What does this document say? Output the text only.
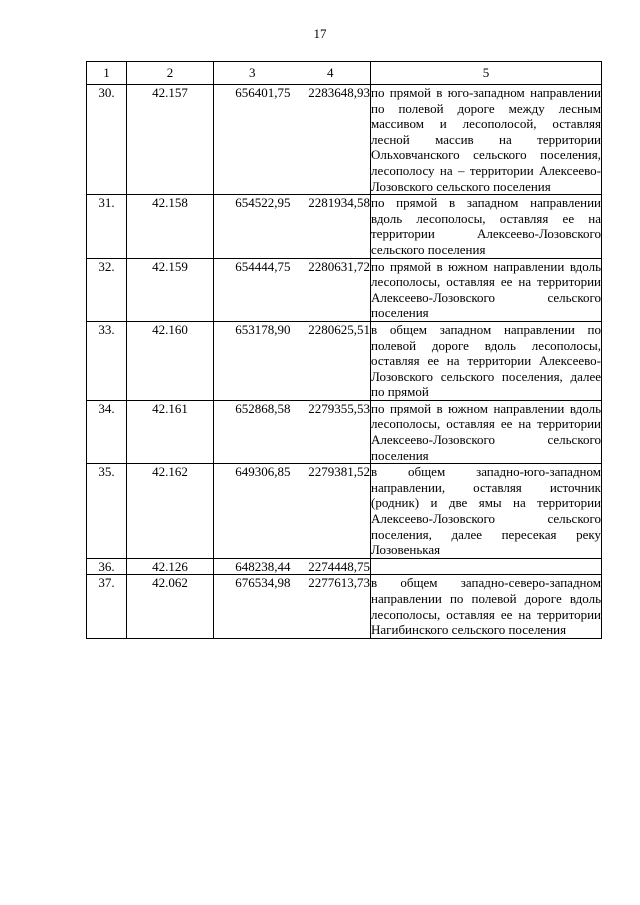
17
1	2	3	4	5
30.	42.157	656401,75	2283648,93	по прямой в юго-западном направлении по полевой дороге между лесным массивом и лесополосой, оставляя лесной массив на территории Ольховчанского сельского поселения, лесополосу на – территории Алексеево-Лозовского сельского поселения
31.	42.158	654522,95	2281934,58	по прямой в западном направлении вдоль лесополосы, оставляя ее на территории Алексеево-Лозовского сельского поселения
32.	42.159	654444,75	2280631,72	по прямой в южном направлении вдоль лесополосы, оставляя ее на территории Алексеево-Лозовского сельского поселения
33.	42.160	653178,90	2280625,51	в общем западном направлении по полевой дороге вдоль лесополосы, оставляя ее на территории Алексеево-Лозовского сельского поселения, далее по прямой
34.	42.161	652868,58	2279355,53	по прямой в южном направлении вдоль лесополосы, оставляя ее на территории Алексеево-Лозовского сельского поселения
35.	42.162	649306,85	2279381,52	в общем западно-юго-западном направлении, оставляя источник (родник) и две ямы на территории Алексеево-Лозовского сельского поселения, далее пересекая реку Лозовенькая
36.	42.126	648238,44	2274448,75	
37.	42.062	676534,98	2277613,73	в общем западно-северо-западном направлении по полевой дороге вдоль лесополосы, оставляя ее на территории Нагибинского сельского поселения
